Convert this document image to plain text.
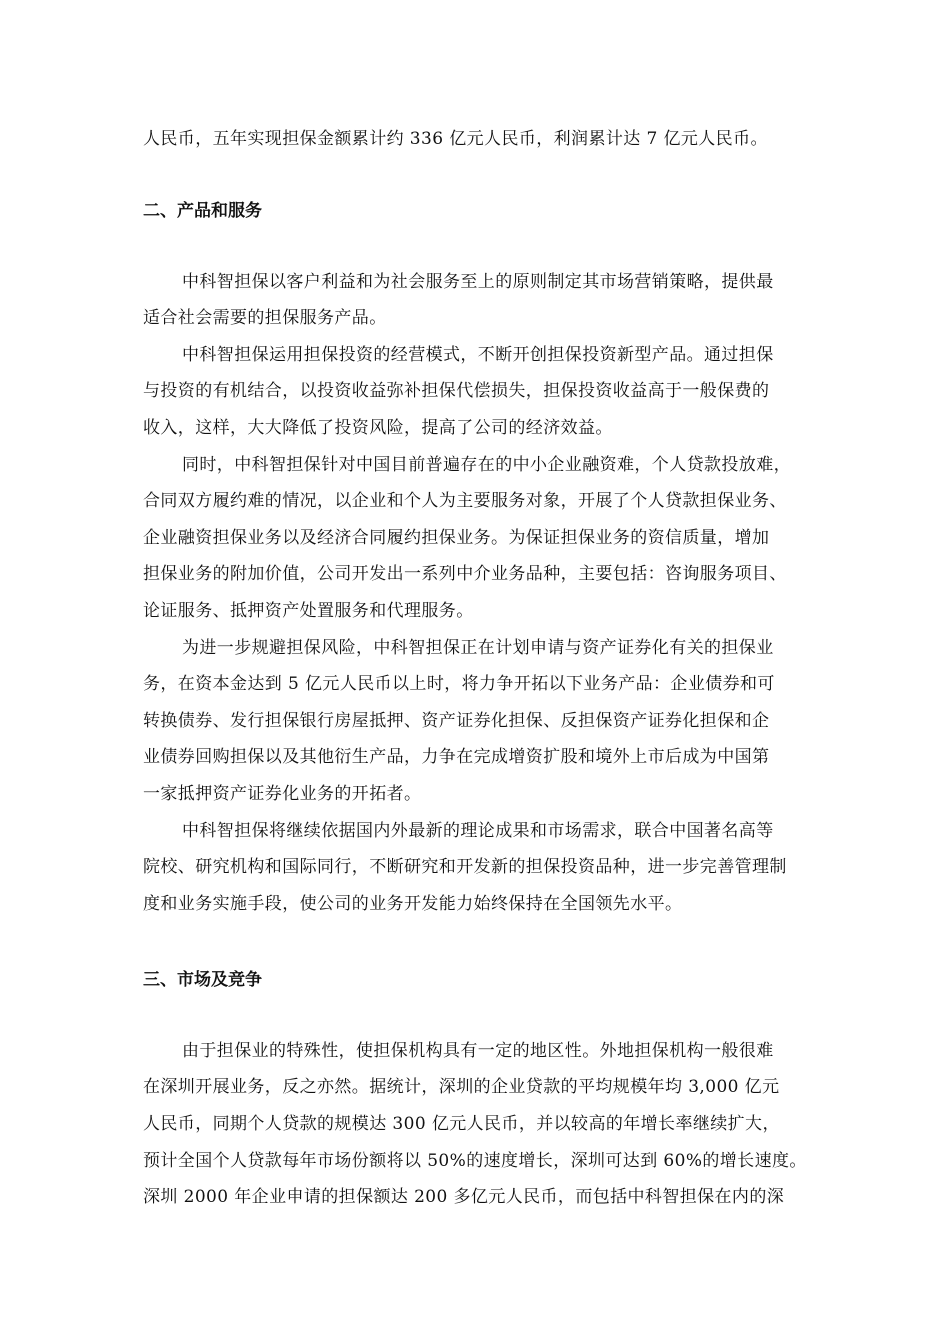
人民币，五年实现担保金额累计约 336 亿元人民币，利润累计达 7 亿元人民币。
二、产品和服务
中科智担保以客户利益和为社会服务至上的原则制定其市场营销策略，提供最
适合社会需要的担保服务产品。
中科智担保运用担保投资的经营模式，不断开创担保投资新型产品。通过担保
与投资的有机结合，以投资收益弥补担保代偿损失，担保投资收益高于一般保费的
收入，这样，大大降低了投资风险，提高了公司的经济效益。
同时，中科智担保针对中国目前普遍存在的中小企业融资难，个人贷款投放难，
合同双方履约难的情况，以企业和个人为主要服务对象，开展了个人贷款担保业务、
企业融资担保业务以及经济合同履约担保业务。为保证担保业务的资信质量，增加
担保业务的附加价值，公司开发出一系列中介业务品种，主要包括：咨询服务项目、
论证服务、抵押资产处置服务和代理服务。
为进一步规避担保风险，中科智担保正在计划申请与资产证券化有关的担保业
务，在资本金达到 5 亿元人民币以上时，将力争开拓以下业务产品：企业债券和可
转换债券、发行担保银行房屋抵押、资产证券化担保、反担保资产证券化担保和企
业债券回购担保以及其他衍生产品，力争在完成增资扩股和境外上市后成为中国第
一家抵押资产证券化业务的开拓者。
中科智担保将继续依据国内外最新的理论成果和市场需求，联合中国著名高等
院校、研究机构和国际同行，不断研究和开发新的担保投资品种，进一步完善管理制
度和业务实施手段，使公司的业务开发能力始终保持在全国领先水平。
三、市场及竞争
由于担保业的特殊性，使担保机构具有一定的地区性。外地担保机构一般很难
在深圳开展业务，反之亦然。据统计，深圳的企业贷款的平均规模年均 3,000 亿元
人民币，同期个人贷款的规模达 300 亿元人民币，并以较高的年增长率继续扩大，
预计全国个人贷款每年市场份额将以 50%的速度增长，深圳可达到 60%的增长速度。
深圳 2000 年企业申请的担保额达 200 多亿元人民币，而包括中科智担保在内的深
